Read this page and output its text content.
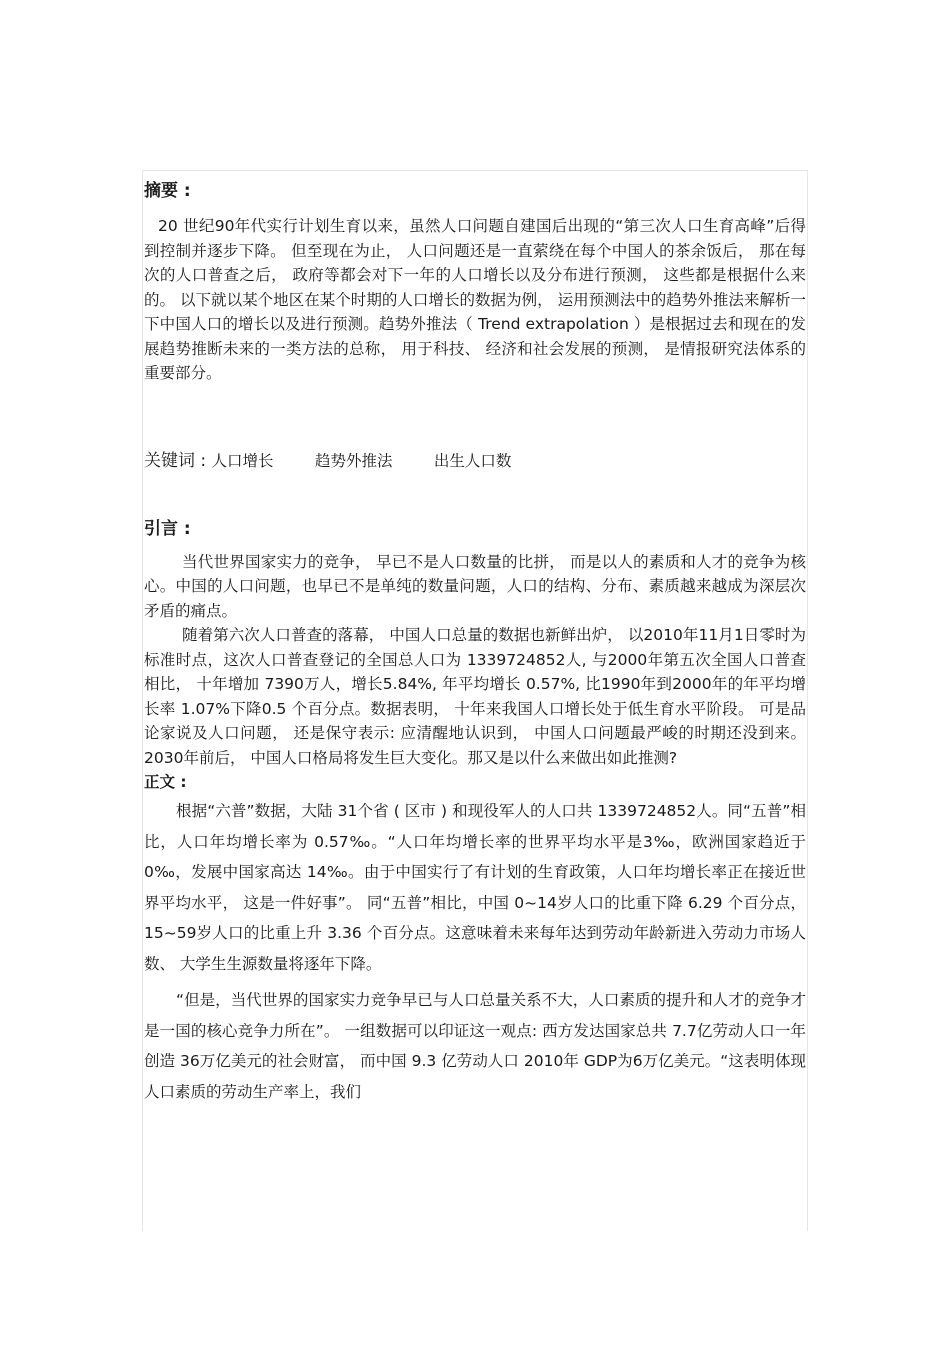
摘要 :

20 世纪90年代实行计划生育以来，虽然人口问题自建国后出现的“第三次人口生育高峰”后得到控制并逐步下降。 但至现在为止， 人口问题还是一直萦绕在每个中国人的茶余饭后， 那在每次的人口普查之后， 政府等都会对下一年的人口增长以及分布进行预测， 这些都是根据什么来的。 以下就以某个地区在某个时期的人口增长的数据为例， 运用预测法中的趋势外推法来解析一下中国人口的增长以及进行预测。趋势外推法（ Trend extrapolation ）是根据过去和现在的发展趋势推断未来的一类方法的总称， 用于科技、 经济和社会发展的预测， 是情报研究法体系的重要部分。

关键词 : 人口增长	趋势外推法	出生人口数
引言 :

当代世界国家实力的竞争， 早已不是人口数量的比拼， 而是以人的素质和人才的竞争为核心。中国的人口问题，也早已不是单纯的数量问题，人口的结构、分布、素质越来越成为深层次矛盾的痛点。

随着第六次人口普查的落幕， 中国人口总量的数据也新鲜出炉， 以2010年11月1日零时为标准时点，这次人口普查登记的全国总人口为 1339724852人, 与2000年第五次全国人口普查相比， 十年增加 7390万人，增长5.84%, 年平均增长 0.57%, 比1990年到2000年的年平均增长率 1.07%下降0.5 个百分点。数据表明， 十年来我国人口增长处于低生育水平阶段。 可是品论家说及人口问题， 还是保守表示: 应清醒地认识到， 中国人口问题最严峻的时期还没到来。 2030年前后， 中国人口格局将发生巨大变化。那又是以什么来做出如此推测?

正文 :

根据“六普”数据，大陆 31个省 ( 区市 ) 和现役军人的人口共 1339724852人。同“五普”相比，人口年均增长率为 0.57‰。“人口年均增长率的世界平均水平是3‰，欧洲国家趋近于 0‰，发展中国家高达 14‰。由于中国实行了有计划的生育政策，人口年均增长率正在接近世界平均水平， 这是一件好事”。 同“五普”相比，中国 0~14岁人口的比重下降 6.29 个百分点， 15~59岁人口的比重上升 3.36 个百分点。这意味着未来每年达到劳动年龄新进入劳动力市场人数、 大学生生源数量将逐年下降。

“但是，当代世界的国家实力竞争早已与人口总量关系不大，人口素质的提升和人才的竞争才是一国的核心竞争力所在”。 一组数据可以印证这一观点: 西方发达国家总共 7.7亿劳动人口一年创造 36万亿美元的社会财富， 而中国 9.3 亿劳动人口 2010年 GDP为6万亿美元。“这表明体现人口素质的劳动生产率上，我们
